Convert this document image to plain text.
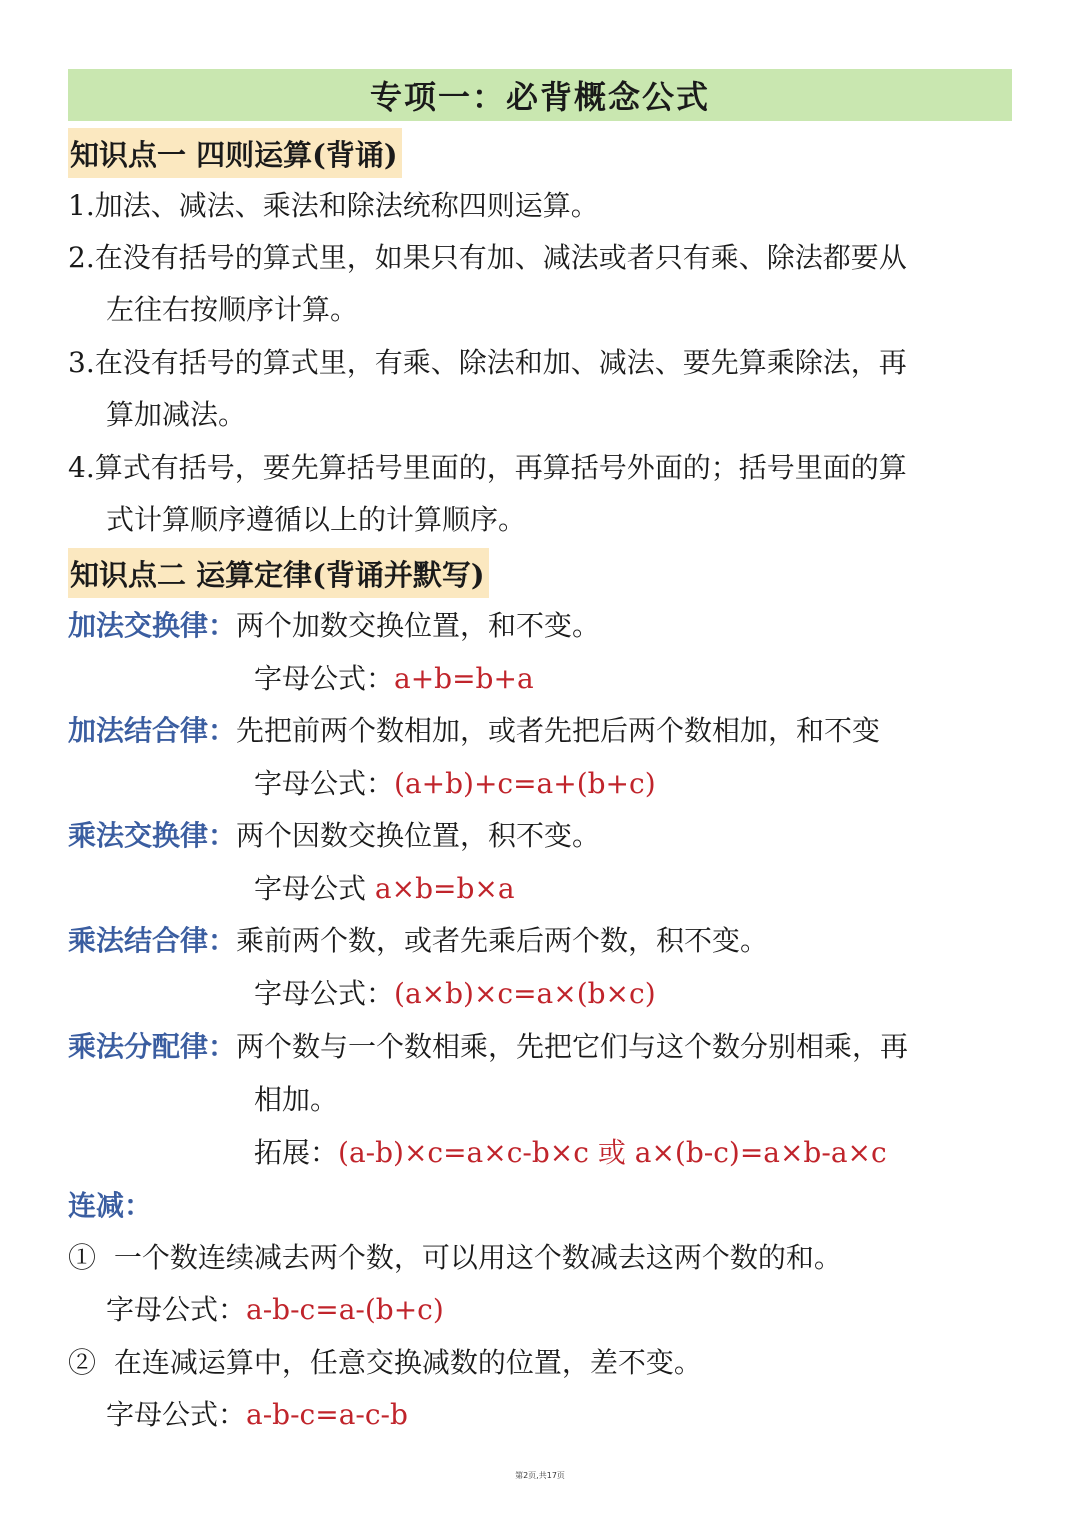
专项一：必背概念公式
知识点一 四则运算(背诵)
1.加法、减法、乘法和除法统称四则运算。
2.在没有括号的算式里，如果只有加、减法或者只有乘、除法都要从
左往右按顺序计算。
3.在没有括号的算式里，有乘、除法和加、减法、要先算乘除法，再
算加减法。
4.算式有括号，要先算括号里面的，再算括号外面的；括号里面的算
式计算顺序遵循以上的计算顺序。
知识点二 运算定律(背诵并默写)
加法交换律：两个加数交换位置，和不变。
字母公式：a+b=b+a
加法结合律：先把前两个数相加，或者先把后两个数相加，和不变
字母公式：(a+b)+c=a+(b+c)
乘法交换律：两个因数交换位置，积不变。
字母公式 a×b=b×a
乘法结合律：乘前两个数，或者先乘后两个数，积不变。
字母公式：(a×b)×c=a×(b×c)
乘法分配律：两个数与一个数相乘，先把它们与这个数分别相乘，再
相加。
拓展：(a-b)×c=a×c-b×c 或 a×(b-c)=a×b-a×c
连减：
① 一个数连续减去两个数，可以用这个数减去这两个数的和。
字母公式：a-b-c=a-(b+c)
② 在连减运算中，任意交换减数的位置，差不变。
字母公式：a-b-c=a-c-b
第2页,共17页
